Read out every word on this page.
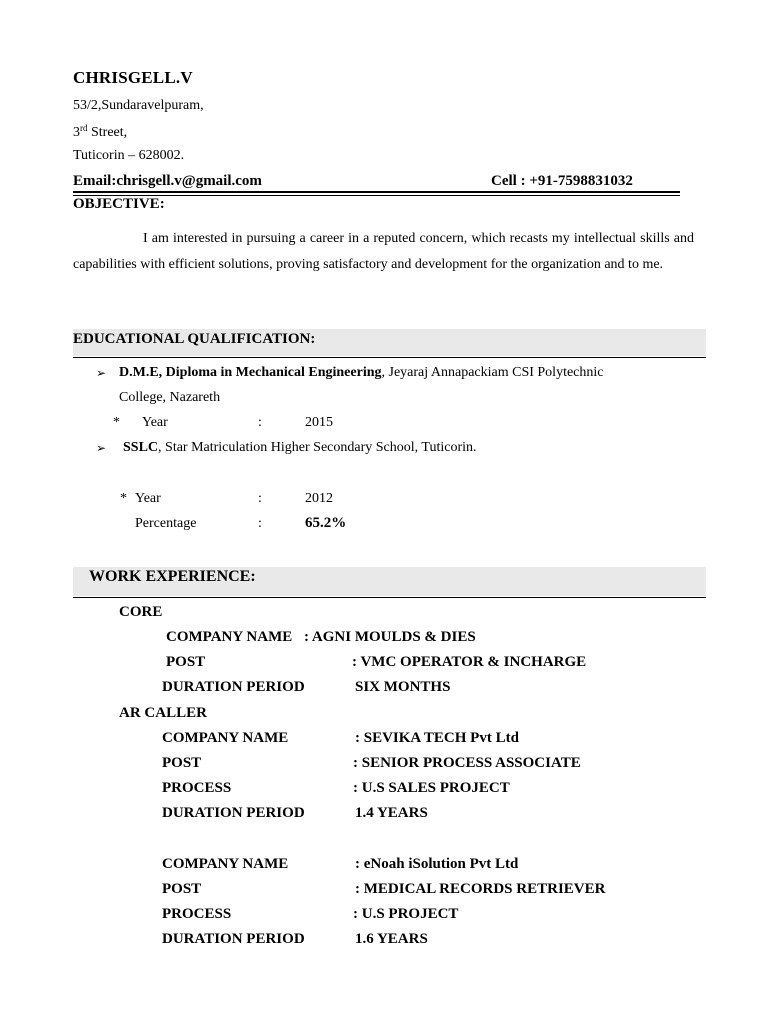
CHRISGELL.V
53/2,Sundaravelpuram,
3rd Street,
Tuticorin – 628002.
Email:chrisgell.v@gmail.com	Cell : +91-7598831032
OBJECTIVE:
I am interested in pursuing a career in a reputed concern, which recasts my intellectual skills and capabilities with efficient solutions, proving satisfactory and development for the organization and to me.
EDUCATIONAL QUALIFICATION:
➢ D.M.E, Diploma in Mechanical Engineering, Jeyaraj Annapackiam CSI Polytechnic
College, Nazareth
* Year	:	2015
➢ SSLC, Star Matriculation Higher Secondary School, Tuticorin.
* Year	:	2012
Percentage	:	65.2%
WORK EXPERIENCE:
CORE
COMPANY NAME : AGNI MOULDS & DIES
POST	: VMC OPERATOR & INCHARGE
DURATION PERIOD	SIX MONTHS
AR CALLER
COMPANY NAME	: SEVIKA TECH Pvt Ltd
POST	: SENIOR PROCESS ASSOCIATE
PROCESS	: U.S SALES PROJECT
DURATION PERIOD	1.4 YEARS
COMPANY NAME	: eNoah iSolution Pvt Ltd
POST	: MEDICAL RECORDS RETRIEVER
PROCESS	: U.S PROJECT
DURATION PERIOD	1.6 YEARS
